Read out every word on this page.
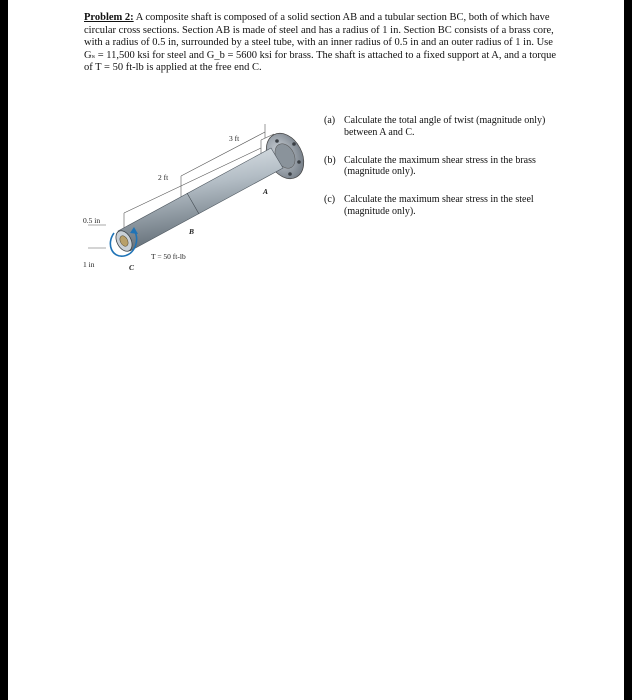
Problem 2: A composite shaft is composed of a solid section AB and a tubular section BC, both of which have circular cross sections. Section AB is made of steel and has a radius of 1 in. Section BC consists of a brass core, with a radius of 0.5 in, surrounded by a steel tube, with an inner radius of 0.5 in and an outer radius of 1 in. Use Gₛ = 11,500 ksi for steel and G_b = 5600 ksi for brass. The shaft is attached to a fixed support at A, and a torque of T = 50 ft-lb is applied at the free end C.
3 ft
2 ft
0.5 in
1 in
A
B
C
T = 50 ft-lb
(a) Calculate the total angle of twist (magnitude only) between A and C.
(b) Calculate the maximum shear stress in the brass (magnitude only).
(c) Calculate the maximum shear stress in the steel (magnitude only).
